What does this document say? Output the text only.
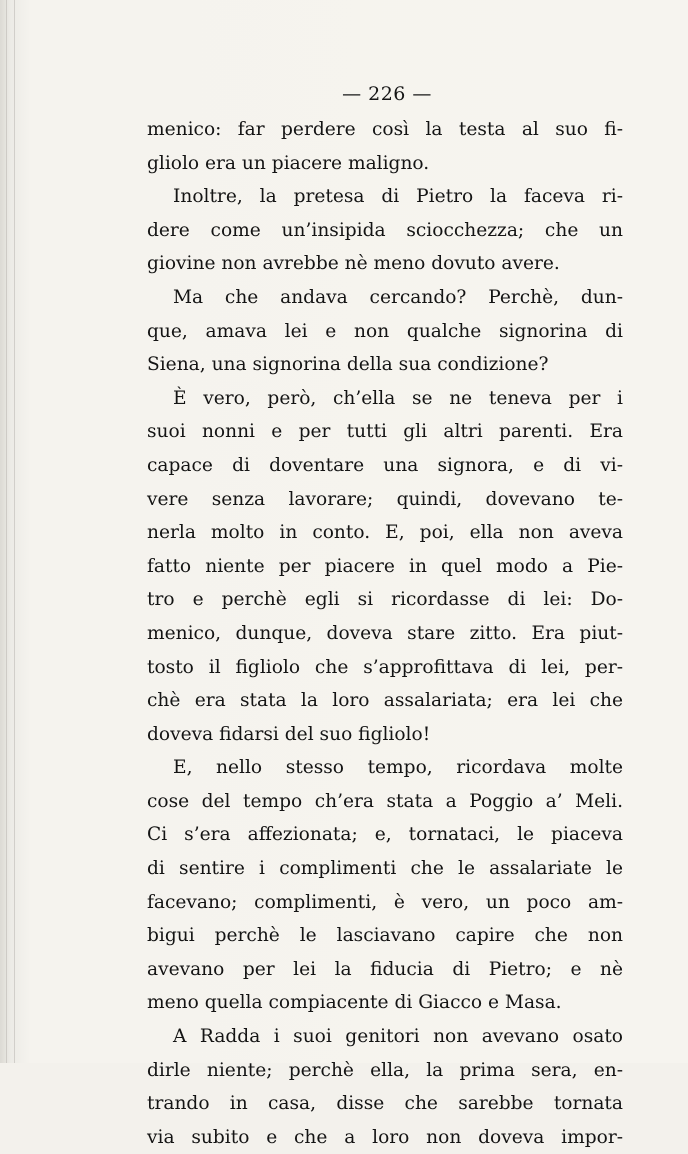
— 226 —

menico: far perdere così la testa al suo fi-

gliolo era un piacere maligno.

Inoltre, la pretesa di Pietro la faceva ri-

dere come un’insipida sciocchezza; che un

giovine non avrebbe nè meno dovuto avere.

Ma che andava cercando? Perchè, dun-

que, amava lei e non qualche signorina di

Siena, una signorina della sua condizione?

È vero, però, ch’ella se ne teneva per i

suoi nonni e per tutti gli altri parenti. Era

capace di doventare una signora, e di vi-

vere senza lavorare; quindi, dovevano te-

nerla molto in conto. E, poi, ella non aveva

fatto niente per piacere in quel modo a Pie-

tro e perchè egli si ricordasse di lei: Do-

menico, dunque, doveva stare zitto. Era piut-

tosto il figliolo che s’approfittava di lei, per-

chè era stata la loro assalariata; era lei che

doveva fidarsi del suo figliolo!

E, nello stesso tempo, ricordava molte

cose del tempo ch’era stata a Poggio a’ Meli.

Ci s’era affezionata; e, tornataci, le piaceva

di sentire i complimenti che le assalariate le

facevano; complimenti, è vero, un poco am-

bigui perchè le lasciavano capire che non

avevano per lei la fiducia di Pietro; e nè

meno quella compiacente di Giacco e Masa.

A Radda i suoi genitori non avevano osato

dirle niente; perchè ella, la prima sera, en-

trando in casa, disse che sarebbe tornata

via subito e che a loro non doveva impor-
